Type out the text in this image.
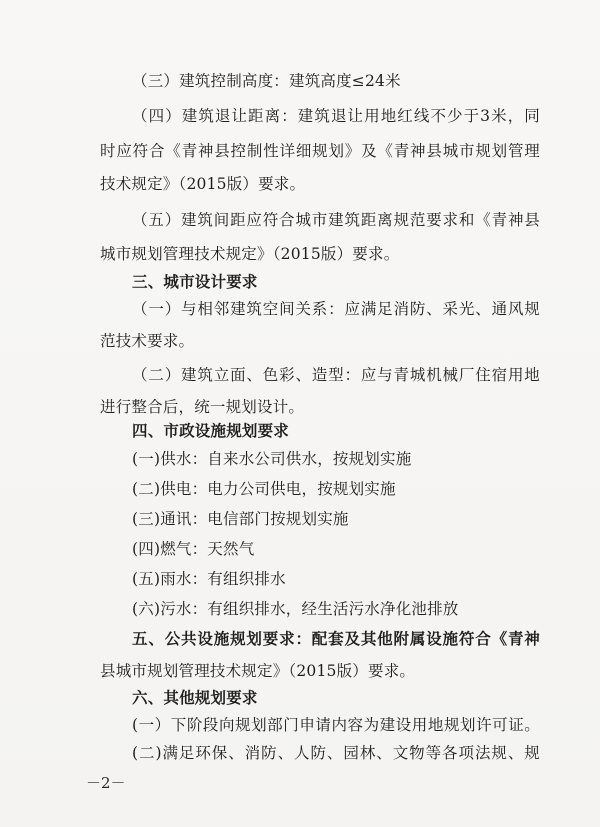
（三）建筑控制高度：建筑高度≤24米
（四）建筑退让距离：建筑退让用地红线不少于3米，同
时应符合《青神县控制性详细规划》及《青神县城市规划管理
技术规定》（2015版）要求。
（五）建筑间距应符合城市建筑距离规范要求和《青神县
城市规划管理技术规定》（2015版）要求。
三、城市设计要求
（一）与相邻建筑空间关系：应满足消防、采光、通风规
范技术要求。
（二）建筑立面、色彩、造型：应与青城机械厂住宿用地
进行整合后，统一规划设计。
四、市政设施规划要求
(一)供水：自来水公司供水，按规划实施
(二)供电：电力公司供电，按规划实施
(三)通讯：电信部门按规划实施
(四)燃气：天然气
(五)雨水：有组织排水
(六)污水：有组织排水，经生活污水净化池排放
五、公共设施规划要求：配套及其他附属设施符合《青神
县城市规划管理技术规定》（2015版）要求。
六、其他规划要求
(一）下阶段向规划部门申请内容为建设用地规划许可证。
(二)满足环保、消防、人防、园林、文物等各项法规、规
－2－
